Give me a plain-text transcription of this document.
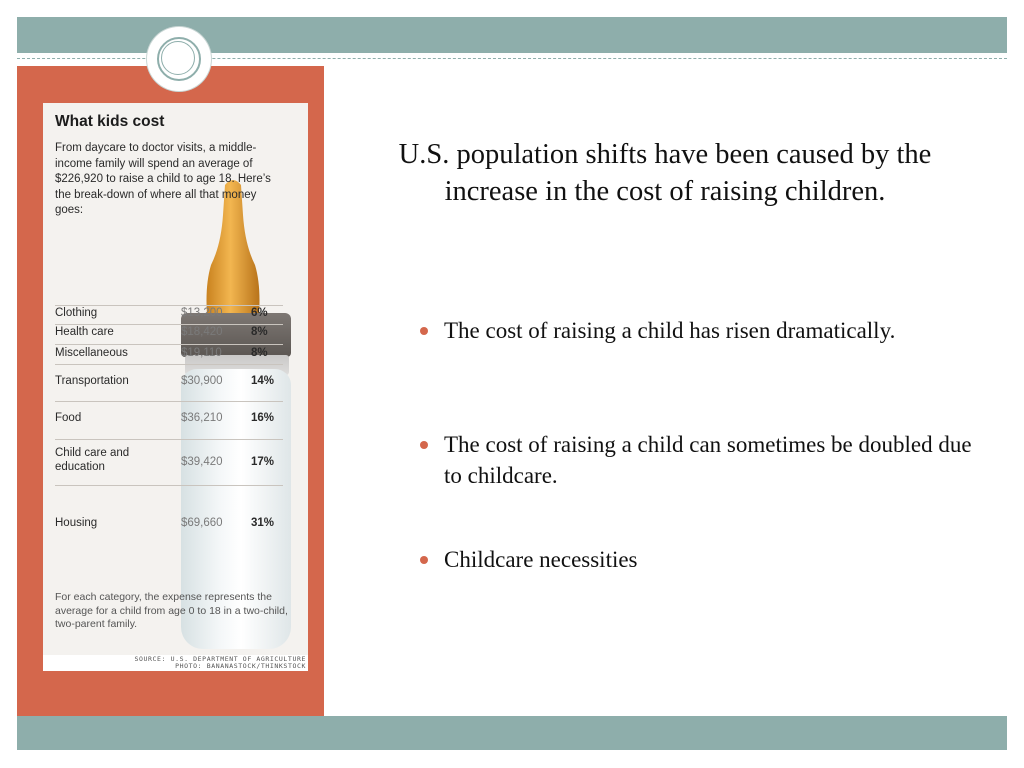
What kids cost
From daycare to doctor visits, a middle-income family will spend an average of $226,920 to raise a child to age 18. Here’s the break-down of where all that money goes:
Clothing	$13,200 6%
Health care	$18,420 8%
Miscellaneous	$19,110	8%
Transportation	$30,900 14%
Food	$36,210 16%
Child care and education	$39,420 17%
Housing	$69,660 31%
For each category, the expense represents the average for a child from age 0 to 18 in a two-child, two-parent family.
SOURCE: U.S. DEPARTMENT OF AGRICULTURE
PHOTO: BANANASTOCK/THINKSTOCK
U.S. population shifts have been caused by the increase in the cost of raising children.
The cost of raising a child has risen dramatically.
The cost of raising a child can sometimes be doubled due to childcare.
Childcare necessities
